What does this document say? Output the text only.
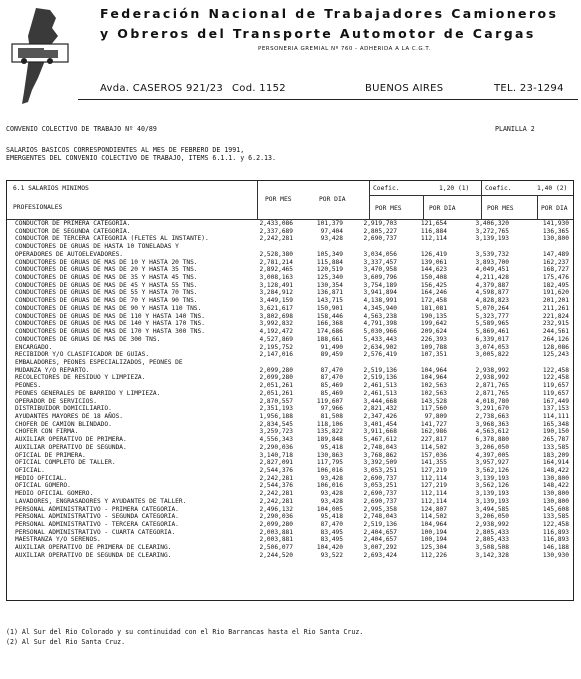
Federación Nacional de Trabajadores Camioneros
y Obreros del Transporte Automotor de Cargas
PERSONERIA GREMIAL Nº 760 - ADHERIDA A LA C.G.T.
Avda. CASEROS 921/23 Cod. 1152	BUENOS AIRES	TEL. 23-1294
CONVENIO COLECTIVO DE TRABAJO Nº 40/89	PLANILLA 2
SALARIOS BASICOS CORRESPONDIENTES AL MES DE FEBRERO DE 1991,
EMERGENTES DEL CONVENIO COLECTIVO DE TRABAJO, ITEMS 6.1.1. y 6.2.13.
6.1 SALARIOS MINIMOS
PROFESIONALES
POR MES	POR DIA
Coefic.	1,20 (1) Coefic.	1,40 (2)
POR MES	POR DIA	POR MES	POR DIA
CONDUCTOR DE PRIMERA CATEGORIA.	2,433,086	101,379	2,919,703	121,654	3,406,320	141,930
CONDUCTOR DE SEGUNDA CATEGORIA.	2,337,689	97,404	2,805,227	116,884	3,272,765	136,365
CONDUCTOR DE TERCERA CATEGORIA (FLETES AL INSTANTE).	2,242,281	93,428	2,690,737	112,114	3,139,193	130,800
CONDUCTORES DE GRUAS DE HASTA 10 TONELADAS Y
OPERADORES DE AUTOELEVADORES.	2,528,380	105,349	3,034,056	126,419	3,539,732	147,489
CONDUCTORES DE GRUAS DE MAS DE 10 Y HASTA 20 TNS.	2,781,214	115,884	3,337,457	139,061	3,893,700	162,237
CONDUCTORES DE GRUAS DE MAS DE 20 Y HASTA 35 TNS.	2,892,465	120,519	3,470,958	144,623	4,049,451	168,727
CONDUCTORES DE GRUAS DE MAS DE 35 Y HASTA 45 TNS.	3,008,163	125,340	3,609,796	150,408	4,211,428	175,476
CONDUCTORES DE GRUAS DE MAS DE 45 Y HASTA 55 TNS.	3,128,491	130,354	3,754,189	156,425	4,379,887	182,495
CONDUCTORES DE GRUAS DE MAS DE 55 Y HASTA 70 TNS.	3,284,912	136,871	3,941,894	164,246	4,598,877	191,620
CONDUCTORES DE GRUAS DE MAS DE 70 Y HASTA 90 TNS.	3,449,159	143,715	4,138,991	172,458	4,828,823	201,201
CONDUCTORES DE GRUAS DE MAS DE 90 Y HASTA 110 TNS.	3,621,617	150,901	4,345,940	181,081	5,070,264	211,261
CONDUCTORES DE GRUAS DE MAS DE 110 Y HASTA 140 TNS.	3,802,698	158,446	4,563,238	190,135	5,323,777	221,824
CONDUCTORES DE GRUAS DE MAS DE 140 Y HASTA 170 TNS.	3,992,832	166,368	4,791,398	199,642	5,589,965	232,915
CONDUCTORES DE GRUAS DE MAS DE 170 Y HASTA 300 TNS.	4,192,472	174,686	5,030,966	209,624	5,869,461	244,561
CONDUCTORES DE GRUAS DE MAS DE 300 TNS.	4,527,869	188,661	5,433,443	226,393	6,339,017	264,126
ENCARGADO.	2,195,752	91,490	2,634,902	109,788	3,074,053	128,086
RECIBIDOR Y/O CLASIFICADOR DE GUIAS.	2,147,016	89,459	2,576,419	107,351	3,005,822	125,243
EMBALADORES, PEONES ESPECIALIZADOS, PEONES DE
MUDANZA Y/O REPARTO.	2,099,280	87,470	2,519,136	104,964	2,938,992	122,458
RECOLECTORES DE RESIDUO Y LIMPIEZA.	2,099,280	87,470	2,519,136	104,964	2,938,992	122,458
PEONES.	2,051,261	85,469	2,461,513	102,563	2,871,765	119,657
PEONES GENERALES DE BARRIDO Y LIMPIEZA.	2,051,261	85,469	2,461,513	102,563	2,871,765	119,657
OPERADOR DE SERVICIOS.	2,870,557	119,607	3,444,668	143,528	4,018,780	167,449
DISTRIBUIDOR DOMICILIARIO.	2,351,193	97,966	2,821,432	117,560	3,291,670	137,153
AYUDANTES MAYORES DE 18 AÑOS.	1,956,188	81,508	2,347,426	97,809	2,738,663	114,111
CHOFER DE CAMION BLINDADO.	2,834,545	118,106	3,401,454	141,727	3,968,363	165,348
CHOFER CON FIRMA.	3,259,723	135,822	3,911,668	162,986	4,563,612	190,150
AUXILIAR OPERATIVO DE PRIMERA.	4,556,343	189,848	5,467,612	227,817	6,378,880	265,787
AUXILIAR OPERATIVO DE SEGUNDA.	2,290,036	95,418	2,748,043	114,502	3,206,050	133,585
OFICIAL DE PRIMERA.	3,140,718	130,863	3,768,862	157,036	4,397,005	183,209
OFICIAL COMPLETO DE TALLER.	2,827,091	117,795	3,392,509	141,355	3,957,927	164,914
OFICIAL.	2,544,376	106,016	3,053,251	127,219	3,562,126	148,422
MEDIO OFICIAL.	2,242,281	93,428	2,690,737	112,114	3,139,193	130,800
OFICIAL GOMERO.	2,544,376	106,016	3,053,251	127,219	3,562,126	148,422
MEDIO OFICIAL GOMERO.	2,242,281	93,428	2,690,737	112,114	3,139,193	130,800
LAVADORES, ENGRASADORES Y AYUDANTES DE TALLER.	2,242,281	93,428	2,690,737	112,114	3,139,193	130,800
PERSONAL ADMINISTRATIVO - PRIMERA CATEGORIA.	2,496,132	104,005	2,995,358	124,807	3,494,585	145,608
PERSONAL ADMINISTRATIVO - SEGUNDA CATEGORIA.	2,290,036	95,418	2,748,043	114,502	3,206,050	133,585
PERSONAL ADMINISTRATIVO - TERCERA CATEGORIA.	2,099,280	87,470	2,519,136	104,964	2,938,992	122,458
PERSONAL ADMINISTRATIVO - CUARTA CATEGORIA.	2,003,881	83,495	2,404,657	100,194	2,805,433	116,893
MAESTRANZA Y/O SERENOS.	2,003,881	83,495	2,404,657	100,194	2,805,433	116,893
AUXILIAR OPERATIVO DE PRIMERA DE CLEARING.	2,506,077	104,420	3,007,292	125,304	3,508,508	146,188
AUXILIAR OPERATIVO DE SEGUNDA DE CLEARING.	2,244,520	93,522	2,693,424	112,226	3,142,328	130,930
(1) Al Sur del Rio Colorado y su continuidad con el Rio Barrancas hasta el Rio Santa Cruz.
(2) Al Sur del Rio Santa Cruz.
